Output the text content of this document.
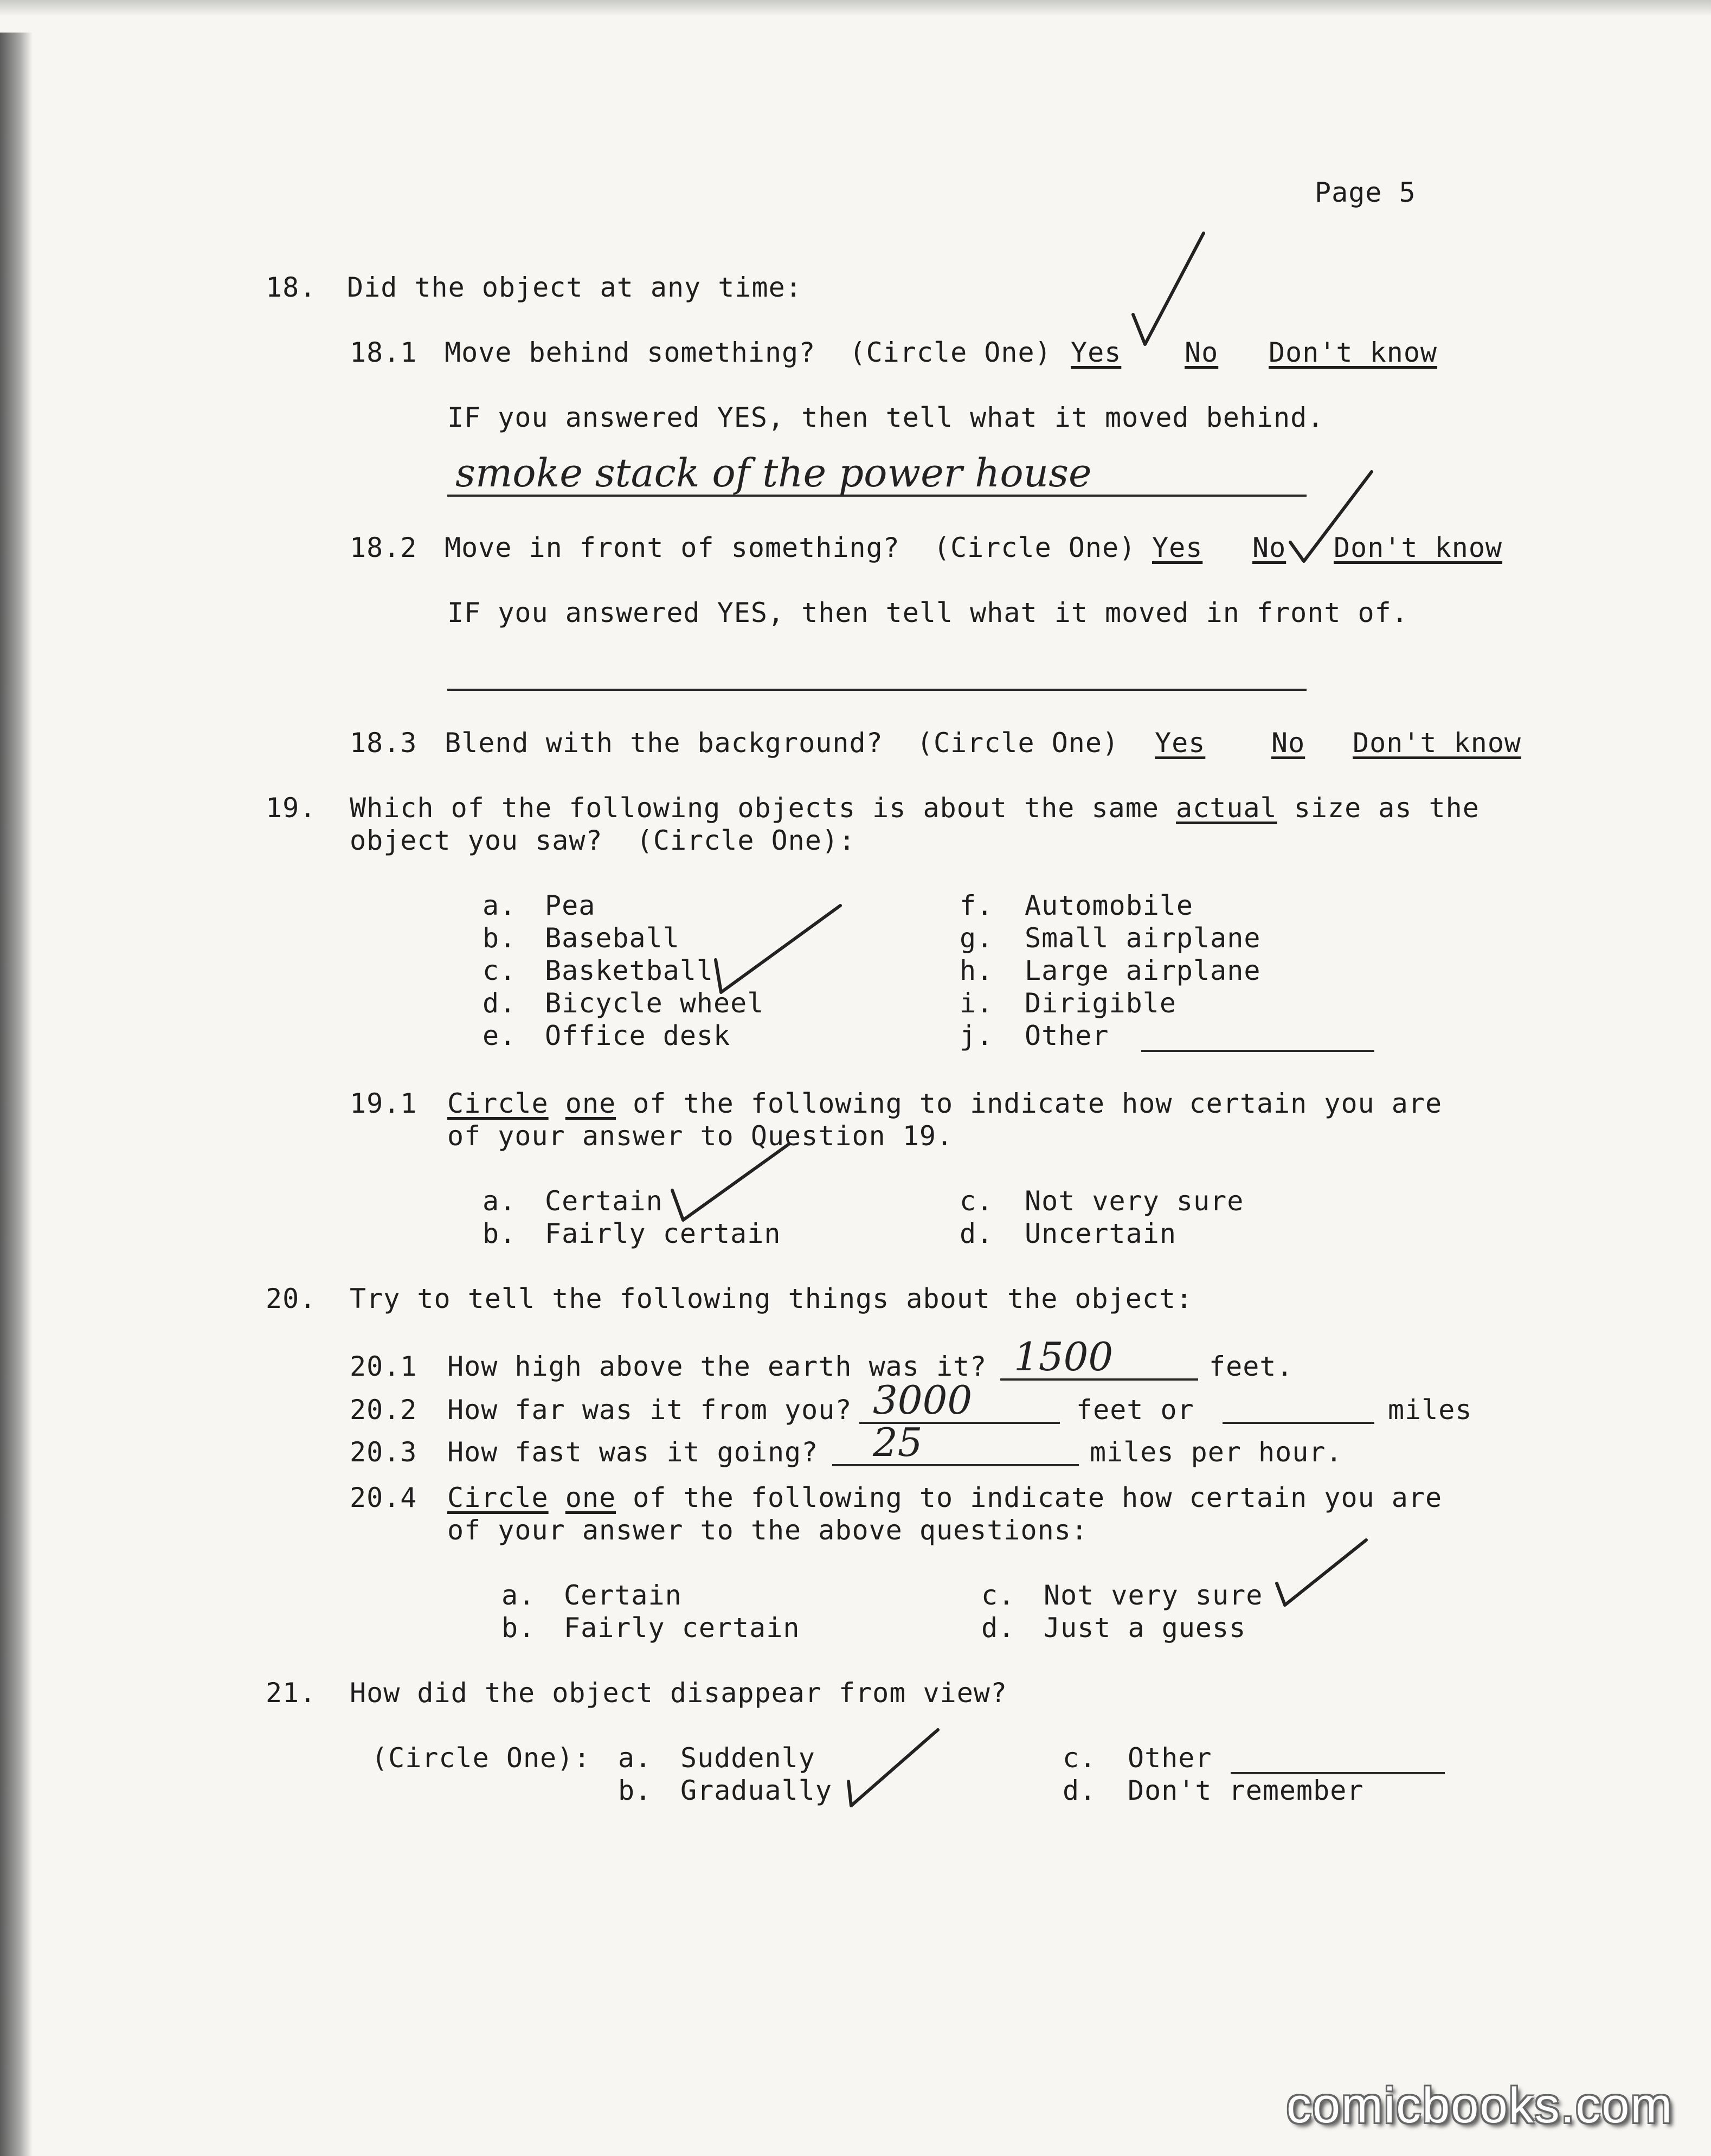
Page 5
18. Did the object at any time:
18.1 Move behind something?  (Circle One) Yes No Don't know
IF you answered YES, then tell what it moved behind.
smoke stack of the power house
18.2 Move in front of something?  (Circle One) Yes No Don't know
IF you answered YES, then tell what it moved in front of.
18.3 Blend with the background?  (Circle One) Yes No Don't know
19. Which of the following objects is about the same actual size as the
object you saw?  (Circle One):
a. Pea
b. Baseball
c. Basketball
d. Bicycle wheel
e. Office desk
f. Automobile
g. Small airplane
h. Large airplane
i. Dirigible
j. Other
19.1 Circle one of the following to indicate how certain you are
of your answer to Question 19.
a. Certain
b. Fairly certain
c. Not very sure
d. Uncertain
20. Try to tell the following things about the object:
20.1 How high above the earth was it? 1500	feet.
20.2 How far was it from you? 3000	feet or	miles
20.3 How fast was it going? 25	miles per hour.
20.4 Circle one of the following to indicate how certain you are
of your answer to the above questions:
a. Certain
b. Fairly certain
c. Not very sure
d. Just a guess
21. How did the object disappear from view?
(Circle One): a. Suddenly
b. Gradually
c. Other
d. Don't remember
comicbooks.com
